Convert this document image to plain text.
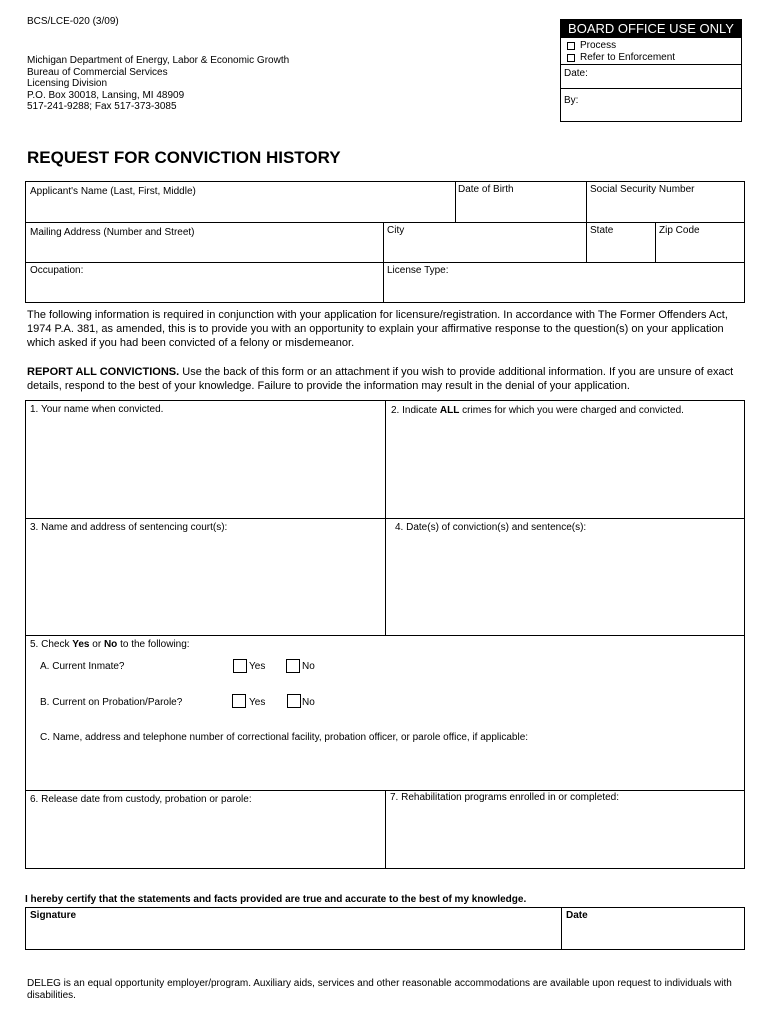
BCS/LCE-020 (3/09)
Michigan Department of Energy, Labor & Economic Growth
Bureau of Commercial Services
Licensing Division
P.O. Box 30018, Lansing, MI 48909
517-241-9288; Fax 517-373-3085
BOARD OFFICE USE ONLY
Process
Refer to Enforcement
Date:
By:
REQUEST FOR CONVICTION HISTORY
Applicant's Name (Last, First, Middle)	Date of Birth	Social Security Number
Mailing Address (Number and Street)	City	State	Zip Code
Occupation:	License Type:
The following information is required in conjunction with your application for licensure/registration. In accordance with The Former Offenders Act, 1974 P.A. 381, as amended, this is to provide you with an opportunity to explain your affirmative response to the question(s) on your application which asked if you had been convicted of a felony or misdemeanor.
REPORT ALL CONVICTIONS. Use the back of this form or an attachment if you wish to provide additional information. If you are unsure of exact details, respond to the best of your knowledge. Failure to provide the information may result in the denial of your application.
1. Your name when convicted.	2. Indicate ALL crimes for which you were charged and convicted.
3. Name and address of sentencing court(s):	4. Date(s) of conviction(s) and sentence(s):
5. Check Yes or No to the following:
A. Current Inmate?	Yes	No
B. Current on Probation/Parole?	Yes	No
C. Name, address and telephone number of correctional facility, probation officer, or parole office, if applicable:
6. Release date from custody, probation or parole:	7. Rehabilitation programs enrolled in or completed:
I hereby certify that the statements and facts provided are true and accurate to the best of my knowledge.
Signature	Date
DELEG is an equal opportunity employer/program. Auxiliary aids, services and other reasonable accommodations are available upon request to individuals with disabilities.
